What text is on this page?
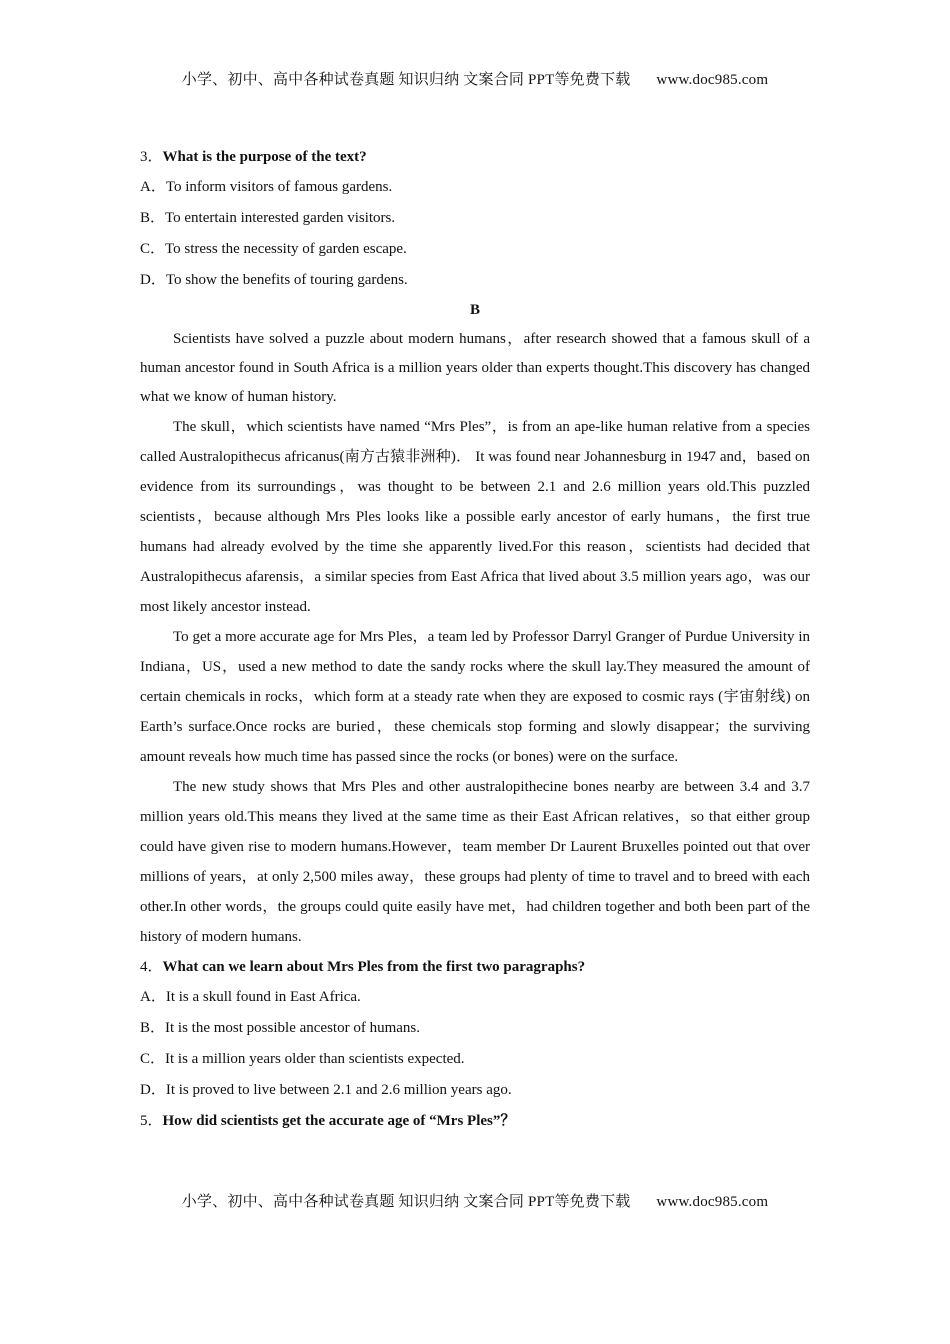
小学、初中、高中各种试卷真题 知识归纳 文案合同 PPT等免费下载 www.doc985.com
3．What is the purpose of the text?
A．To inform visitors of famous gardens.
B．To entertain interested garden visitors.
C．To stress the necessity of garden escape.
D．To show the benefits of touring gardens.
B

Scientists have solved a puzzle about modern humans，after research showed that a famous skull of a human ancestor found in South Africa is a million years older than experts thought.This discovery has changed what we know of human history.

The skull，which scientists have named “Mrs Ples”，is from an ape-like human relative from a species called Australopithecus africanus(南方古猿非洲种)． It was found near Johannesburg in 1947 and，based on evidence from its surroundings，was thought to be between 2.1 and 2.6 million years old.This puzzled scientists，because although Mrs Ples looks like a possible early ancestor of early humans，the first true humans had already evolved by the time she apparently lived.For this reason，scientists had decided that Australopithecus afarensis，a similar species from East Africa that lived about 3.5 million years ago，was our most likely ancestor instead.

To get a more accurate age for Mrs Ples，a team led by Professor Darryl Granger of Purdue University in Indiana，US，used a new method to date the sandy rocks where the skull lay.They measured the amount of certain chemicals in rocks，which form at a steady rate when they are exposed to cosmic rays (宇宙射线) on Earth’s surface.Once rocks are buried，these chemicals stop forming and slowly disappear；the surviving amount reveals how much time has passed since the rocks (or bones) were on the surface.

The new study shows that Mrs Ples and other australopithecine bones nearby are between 3.4 and 3.7 million years old.This means they lived at the same time as their East African relatives，so that either group could have given rise to modern humans.However，team member Dr Laurent Bruxelles pointed out that over millions of years，at only 2,500 miles away，these groups had plenty of time to travel and to breed with each other.In other words，the groups could quite easily have met，had children together and both been part of the history of modern humans.

4．What can we learn about Mrs Ples from the first two paragraphs?
A．It is a skull found in East Africa.
B．It is the most possible ancestor of humans.
C．It is a million years older than scientists expected.
D．It is proved to live between 2.1 and 2.6 million years ago.
5．How did scientists get the accurate age of “Mrs Ples”？
小学、初中、高中各种试卷真题 知识归纳 文案合同 PPT等免费下载 www.doc985.com
